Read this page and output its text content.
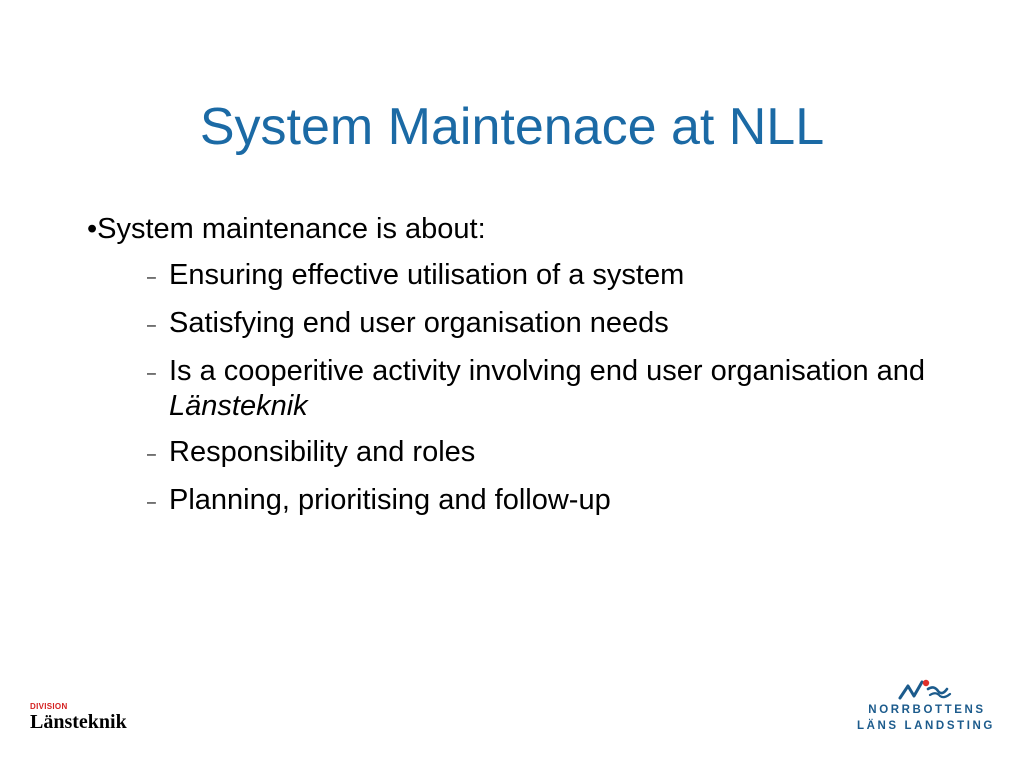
System Maintenace at NLL
•System maintenance is about:
– Ensuring effective utilisation of a system
– Satisfying end user organisation needs
– Is a cooperitive activity involving end user organisation and Länsteknik
– Responsibility and roles
– Planning, prioritising and follow-up
DIVISION
Länsteknik
NORRBOTTENS
LÄNS LANDSTING
